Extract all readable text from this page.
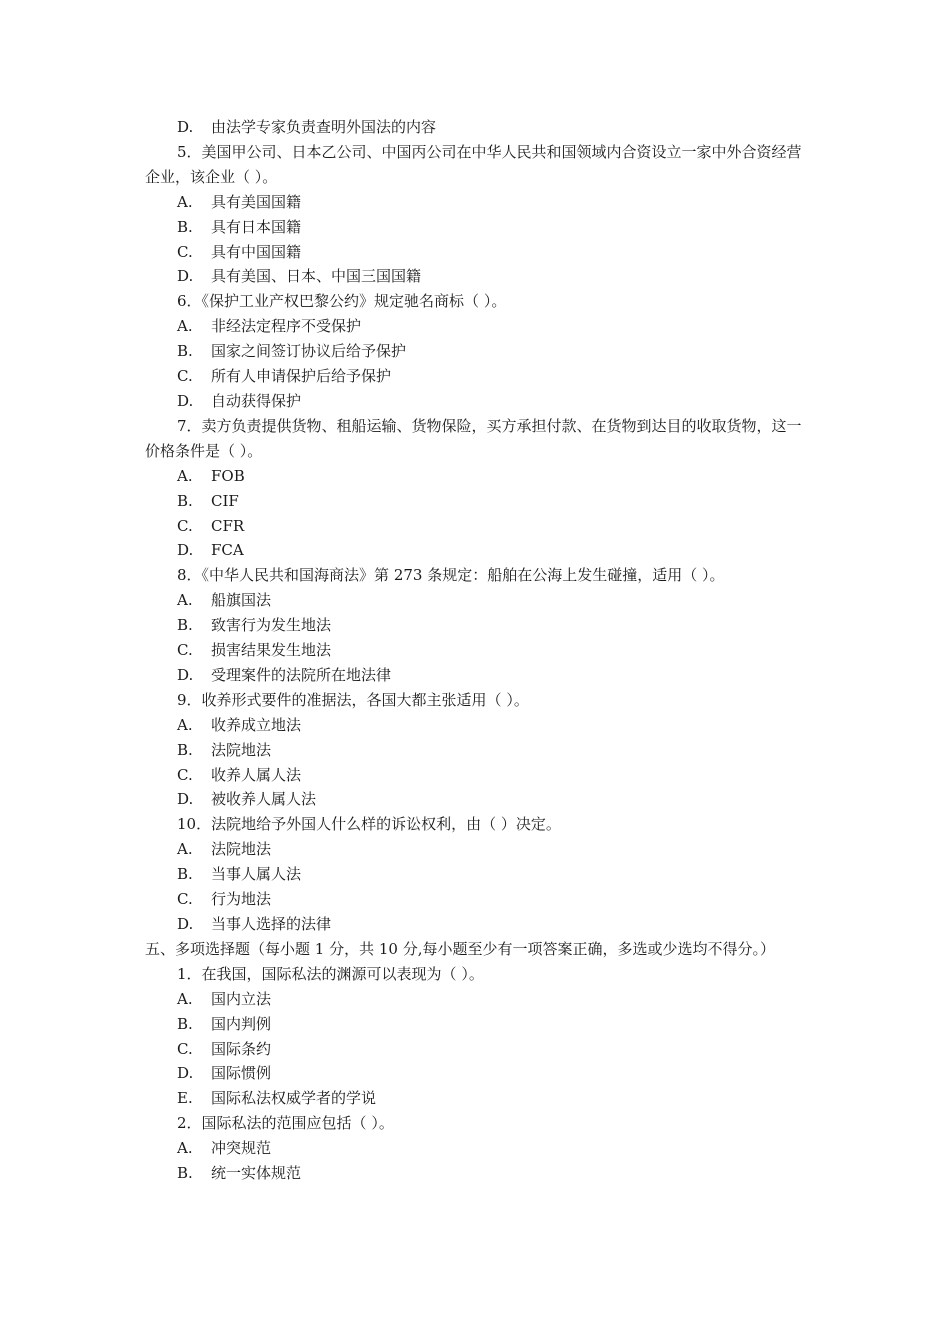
D. 由法学专家负责查明外国法的内容
5．美国甲公司、日本乙公司、中国丙公司在中华人民共和国领域内合资设立一家中外合资经营企业，该企业（ ）。
A. 具有美国国籍
B. 具有日本国籍
C. 具有中国国籍
D. 具有美国、日本、中国三国国籍
6．《保护工业产权巴黎公约》规定驰名商标（ ）。
A. 非经法定程序不受保护
B. 国家之间签订协议后给予保护
C. 所有人申请保护后给予保护
D. 自动获得保护
7．卖方负责提供货物、租船运输、货物保险，买方承担付款、在货物到达目的收取货物，这一价格条件是（ ）。
A. FOB
B. CIF
C. CFR
D. FCA
8．《中华人民共和国海商法》第 273 条规定：船舶在公海上发生碰撞，适用（ ）。
A. 船旗国法
B. 致害行为发生地法
C. 损害结果发生地法
D. 受理案件的法院所在地法律
9．收养形式要件的准据法，各国大都主张适用（ ）。
A. 收养成立地法
B. 法院地法
C. 收养人属人法
D. 被收养人属人法
10．法院地给予外国人什么样的诉讼权利，由（ ）决定。
A. 法院地法
B. 当事人属人法
C. 行为地法
D. 当事人选择的法律
五、多项选择题（每小题 1 分，共 10 分,每小题至少有一项答案正确，多选或少选均不得分。）
1．在我国，国际私法的渊源可以表现为（ ）。
A. 国内立法
B. 国内判例
C. 国际条约
D. 国际惯例
E. 国际私法权威学者的学说
2．国际私法的范围应包括（ ）。
A. 冲突规范
B. 统一实体规范
